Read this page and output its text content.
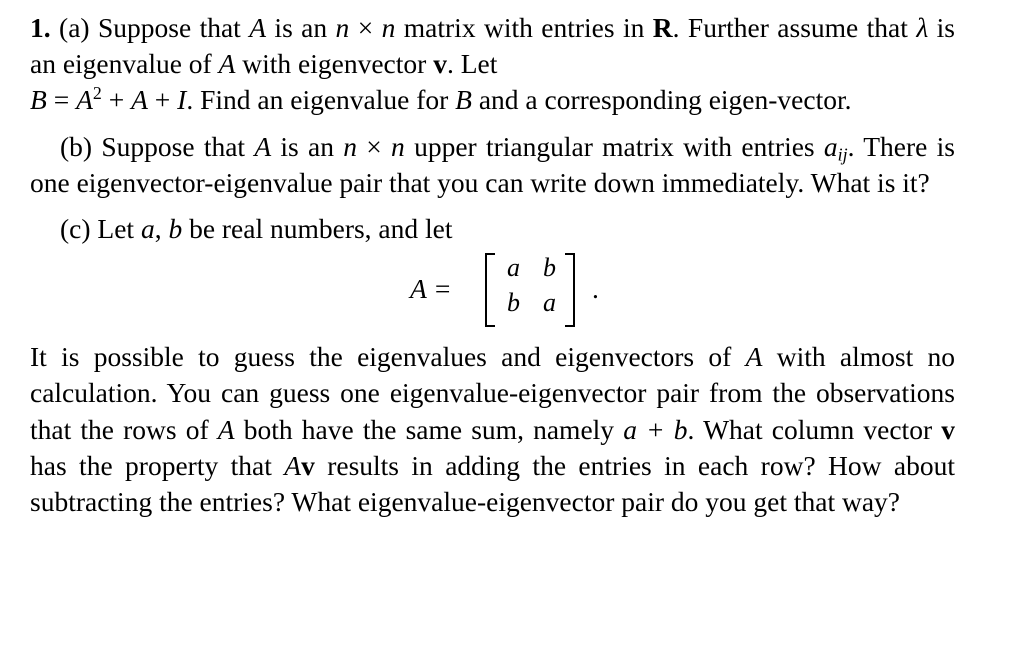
1. (a) Suppose that A is an n × n matrix with entries in R. Further assume that λ is an eigenvalue of A with eigenvector v. Let
$B = A^2 + A + I$. Find an eigenvalue for B and a corresponding eigen-vector.

(b) Suppose that A is an n × n upper triangular matrix with entries $a_{ij}$. There is one eigenvector-eigenvalue pair that you can write down immediately. What is it?

(c) Let a, b be real numbers, and let

A =
a b
b a .

It is possible to guess the eigenvalues and eigenvectors of A with almost no calculation. You can guess one eigenvalue-eigenvector pair from the observations that the rows of A both have the same sum, namely a + b. What column vector v has the property that Av results in adding the entries in each row? How about subtracting the entries? What eigenvalue-eigenvector pair do you get that way?
